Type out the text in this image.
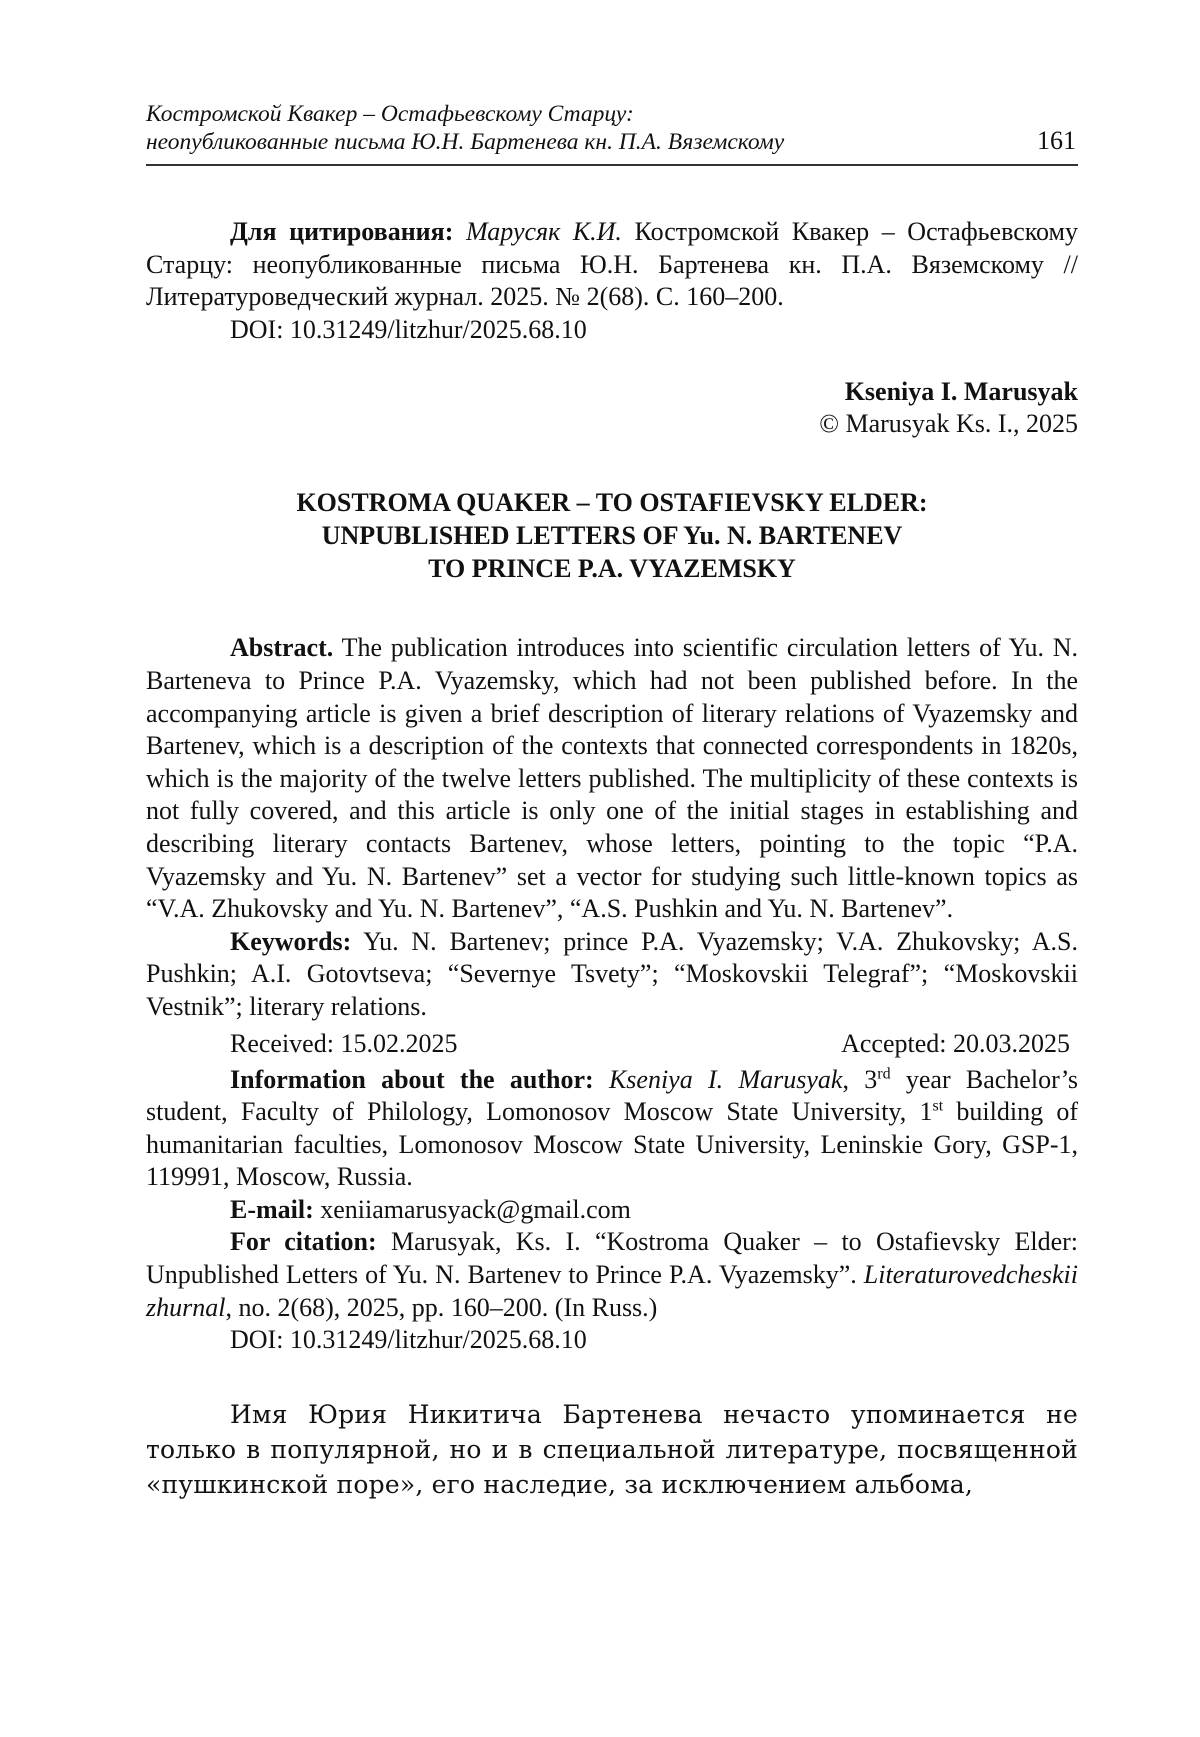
Костромской Квакер – Остафьевскому Старцу:
неопубликованные письма Ю.Н. Бартенева кн. П.А. Вяземскому	161

Для цитирования: Марусяк К.И. Костромской Квакер – Остафьевскому Старцу: неопубликованные письма Ю.Н. Бартенева кн. П.А. Вяземскому // Литературоведческий журнал. 2025. № 2(68). С. 160–200.

DOI: 10.31249/litzhur/2025.68.10

Kseniya I. Marusyak
© Marusyak Ks. I., 2025
KOSTROMA QUAKER – TO OSTAFIEVSKY ELDER:
UNPUBLISHED LETTERS OF Yu. N. BARTENEV
TO PRINCE P.A. VYAZEMSKY

Abstract. The publication introduces into scientific circulation letters of Yu. N. Barteneva to Prince P.A. Vyazemsky, which had not been published before. In the accompanying article is given a brief description of literary relations of Vyazemsky and Bartenev, which is a description of the contexts that connected correspondents in 1820s, which is the majority of the twelve letters published. The multiplicity of these contexts is not fully covered, and this article is only one of the initial stages in establishing and describing literary contacts Bartenev, whose letters, pointing to the topic “P.A. Vyazemsky and Yu. N. Bartenev” set a vector for studying such little-known topics as “V.A. Zhukovsky and Yu. N. Bartenev”, “A.S. Pushkin and Yu. N. Bartenev”.

Keywords: Yu. N. Bartenev; prince P.A. Vyazemsky; V.A. Zhukovsky; A.S. Pushkin; A.I. Gotovtseva; “Severnye Tsvety”; “Moskovskii Telegraf”; “Moskovskii Vestnik”; literary relations.

Received: 15.02.2025	Accepted: 20.03.2025

Information about the author: Kseniya I. Marusyak, 3rd year Bachelor’s student, Faculty of Philology, Lomonosov Moscow State University, 1st building of humanitarian faculties, Lomonosov Moscow State University, Leninskie Gory, GSP-1, 119991, Moscow, Russia.

E-mail: xeniiamarusyack@gmail.com

For citation: Marusyak, Ks. I. “Kostroma Quaker – to Ostafievsky Elder: Unpublished Letters of Yu. N. Bartenev to Prince P.A. Vyazemsky”. Literaturovedcheskii zhurnal, no. 2(68), 2025, pp. 160–200. (In Russ.)

DOI: 10.31249/litzhur/2025.68.10

Имя Юрия Никитича Бартенева нечасто упоминается не только в популярной, но и в специальной литературе, посвященной «пушкинской поре», его наследие, за исключением альбома,
